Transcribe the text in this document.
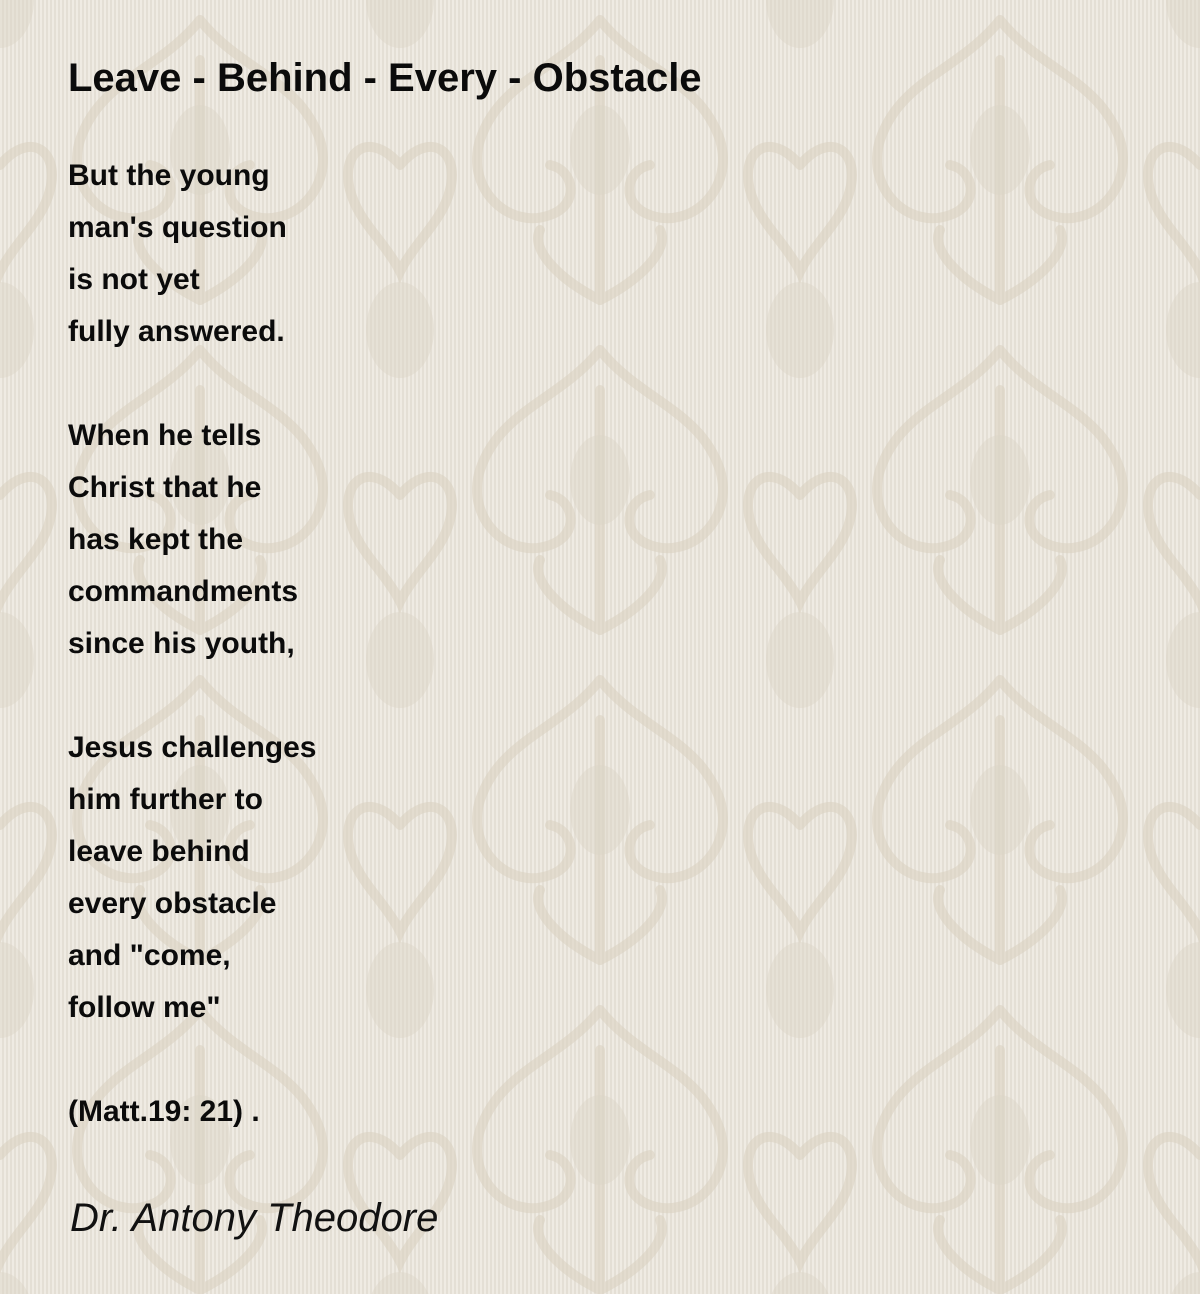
Leave - Behind - Every - Obstacle
But the young
man's question
is not yet
fully answered.
When he tells
Christ that he
has kept the
commandments
since his youth,
Jesus challenges
him further to
leave behind
every obstacle
and "come,
follow me"
(Matt.19: 21) .
Dr. Antony Theodore
